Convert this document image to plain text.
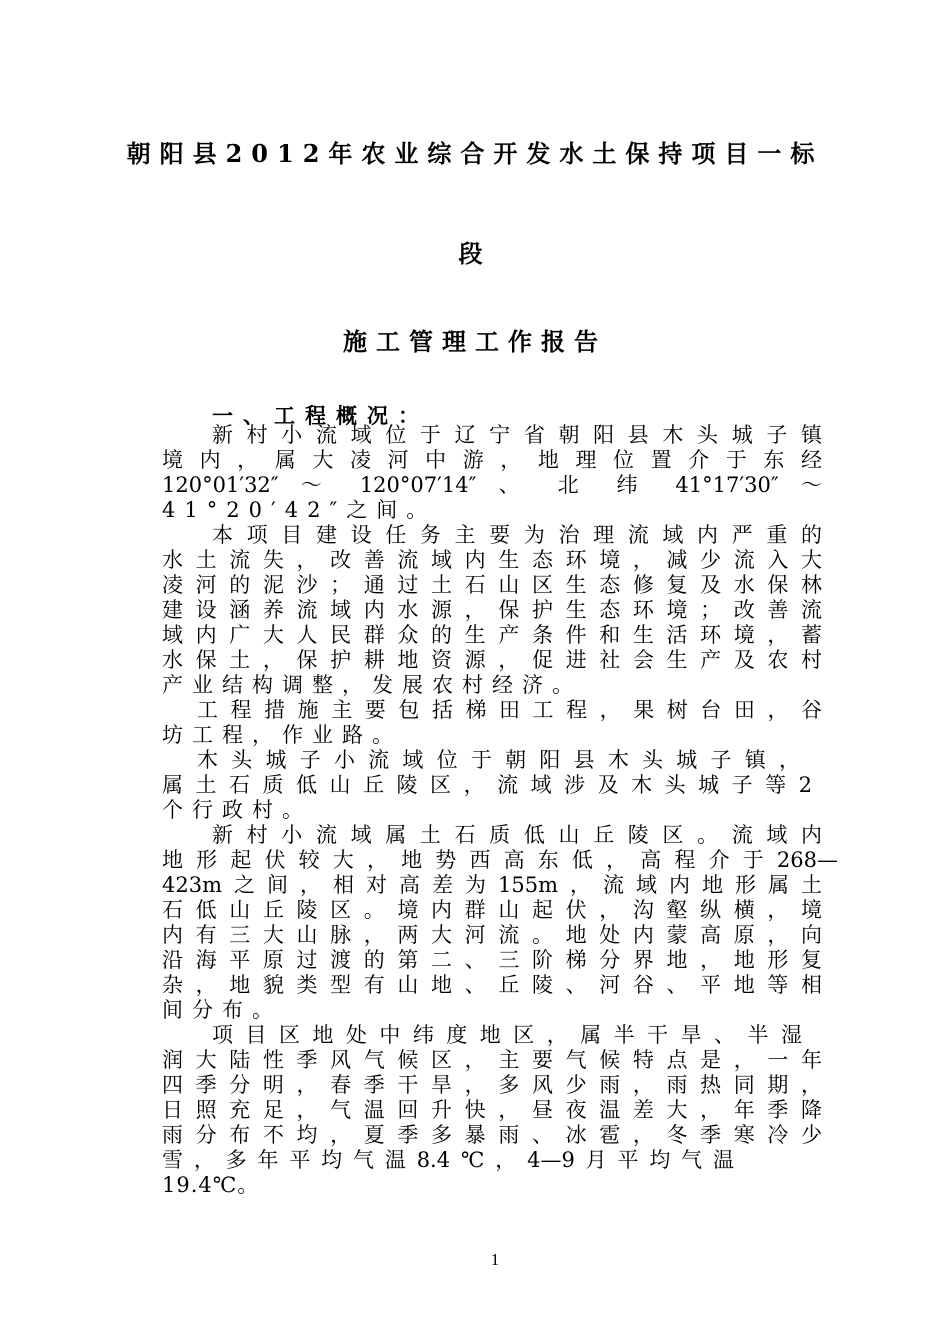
朝阳县2012年农业综合开发水土保持项目一标
段
施工管理工作报告
一、工程概况：
新村小流域位于辽宁省朝阳县木头城子镇
境内，属大凌河中游，地理位置介于东经
120°01′32″ ～ 120°07′14″ 、 北 纬 41°17′30″ ～
41°20′42″之间。
本项目建设任务主要为治理流域内严重的
水土流失，改善流域内生态环境，减少流入大
凌河的泥沙；通过土石山区生态修复及水保林
建设涵养流域内水源，保护生态环境；改善流
域内广大人民群众的生产条件和生活环境，蓄
水保土，保护耕地资源，促进社会生产及农村
产业结构调整，发展农村经济。
工程措施主要包括梯田工程，果树台田，谷
坊工程，作业路。
木头城子小流域位于朝阳县木头城子镇，
属土石质低山丘陵区，流域涉及木头城子等2
个行政村。
新村小流域属土石质低山丘陵区。流域内
地形起伏较大，地势西高东低，高程介于268—
423m之间，相对高差为155m，流域内地形属土
石低山丘陵区。境内群山起伏，沟壑纵横，境
内有三大山脉，两大河流。地处内蒙高原，向
沿海平原过渡的第二、三阶梯分界地，地形复
杂，地貌类型有山地、丘陵、河谷、平地等相
间分布。
项目区地处中纬度地区，属半干旱、半湿
润大陆性季风气候区，主要气候特点是，一年
四季分明，春季干旱，多风少雨，雨热同期，
日照充足，气温回升快，昼夜温差大，年季降
雨分布不均，夏季多暴雨、冰雹，冬季寒冷少
雪，多年平均气温8.4℃，4—9月平均气温
19.4℃。
1
